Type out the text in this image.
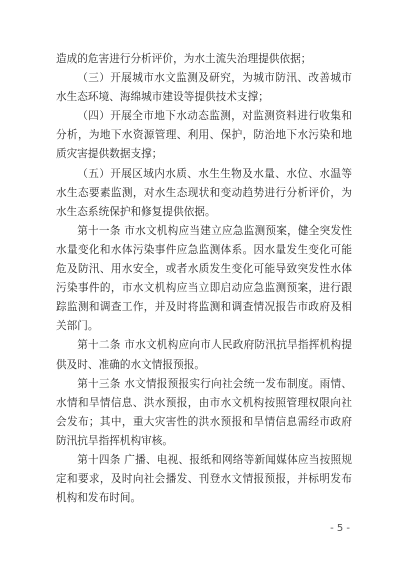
造成的危害进行分析评价，为水土流失治理提供依据；

（三）开展城市水文监测及研究，为城市防汛、改善城市水生态环境、海绵城市建设等提供技术支撑；

（四）开展全市地下水动态监测，对监测资料进行收集和分析，为地下水资源管理、利用、保护，防治地下水污染和地质灾害提供数据支撑；

（五）开展区域内水质、水生生物及水量、水位、水温等水生态要素监测，对水生态现状和变动趋势进行分析评价，为水生态系统保护和修复提供依据。

第十一条 市水文机构应当建立应急监测预案，健全突发性水量变化和水体污染事件应急监测体系。因水量发生变化可能危及防汛、用水安全，或者水质发生变化可能导致突发性水体污染事件的，市水文机构应当立即启动应急监测预案，进行跟踪监测和调查工作，并及时将监测和调查情况报告市政府及相关部门。

第十二条 市水文机构应向市人民政府防汛抗旱指挥机构提供及时、准确的水文情报预报。

第十三条 水文情报预报实行向社会统一发布制度。雨情、水情和旱情信息、洪水预报，由市水文机构按照管理权限向社会发布；其中，重大灾害性的洪水预报和旱情信息需经市政府防汛抗旱指挥机构审核。

第十四条 广播、电视、报纸和网络等新闻媒体应当按照规定和要求，及时向社会播发、刊登水文情报预报，并标明发布机构和发布时间。

- 5 -
